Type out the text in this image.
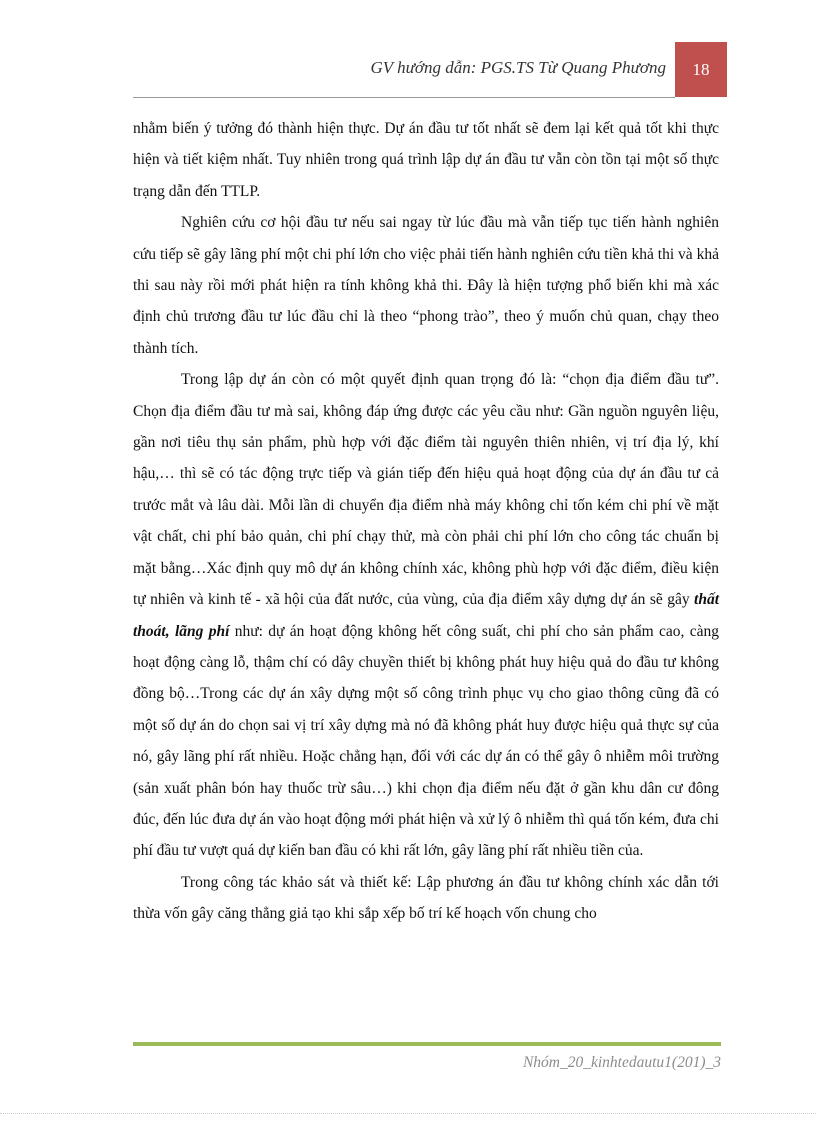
GV hướng dẫn: PGS.TS Từ Quang Phương 18

nhằm biến ý tưởng đó thành hiện thực. Dự án đầu tư tốt nhất sẽ đem lại kết quả tốt khi thực hiện và tiết kiệm nhất. Tuy nhiên trong quá trình lập dự án đầu tư vẫn còn tồn tại một số thực trạng dẫn đến TTLP.

Nghiên cứu cơ hội đầu tư nếu sai ngay từ lúc đầu mà vẫn tiếp tục tiến hành nghiên cứu tiếp sẽ gây lãng phí một chi phí lớn cho việc phải tiến hành nghiên cứu tiền khả thi và khả thi sau này rồi mới phát hiện ra tính không khả thi. Đây là hiện tượng phổ biến khi mà xác định chủ trương đầu tư lúc đầu chỉ là theo “phong trào”, theo ý muốn chủ quan, chạy theo thành tích.

Trong lập dự án còn có một quyết định quan trọng đó là: “chọn địa điểm đầu tư”. Chọn địa điểm đầu tư mà sai, không đáp ứng được các yêu cầu như: Gần nguồn nguyên liệu, gần nơi tiêu thụ sản phẩm, phù hợp với đặc điểm tài nguyên thiên nhiên, vị trí địa lý, khí hậu,… thì sẽ có tác động trực tiếp và gián tiếp đến hiệu quả hoạt động của dự án đầu tư cả trước mắt và lâu dài. Mỗi lần di chuyển địa điểm nhà máy không chỉ tốn kém chi phí về mặt vật chất, chi phí bảo quản, chi phí chạy thử, mà còn phải chi phí lớn cho công tác chuẩn bị mặt bằng…Xác định quy mô dự án không chính xác, không phù hợp với đặc điểm, điều kiện tự nhiên và kinh tế - xã hội của đất nước, của vùng, của địa điểm xây dựng dự án sẽ gây thất thoát, lãng phí như: dự án hoạt động không hết công suất, chi phí cho sản phẩm cao, càng hoạt động càng lỗ, thậm chí có dây chuyền thiết bị không phát huy hiệu quả do đầu tư không đồng bộ…Trong các dự án xây dựng một số công trình phục vụ cho giao thông cũng đã có một số dự án do chọn sai vị trí xây dựng mà nó đã không phát huy được hiệu quả thực sự của nó, gây lãng phí rất nhiều. Hoặc chẳng hạn, đối với các dự án có thể gây ô nhiễm môi trường (sản xuất phân bón hay thuốc trừ sâu…) khi chọn địa điểm nếu đặt ở gần khu dân cư đông đúc, đến lúc đưa dự án vào hoạt động mới phát hiện và xử lý ô nhiễm thì quá tốn kém, đưa chi phí đầu tư vượt quá dự kiến ban đầu có khi rất lớn, gây lãng phí rất nhiều tiền của.

Trong công tác khảo sát và thiết kế: Lập phương án đầu tư không chính xác dẫn tới thừa vốn gây căng thẳng giả tạo khi sắp xếp bố trí kế hoạch vốn chung cho

Nhóm_20_kinhtedautu1(201)_3
